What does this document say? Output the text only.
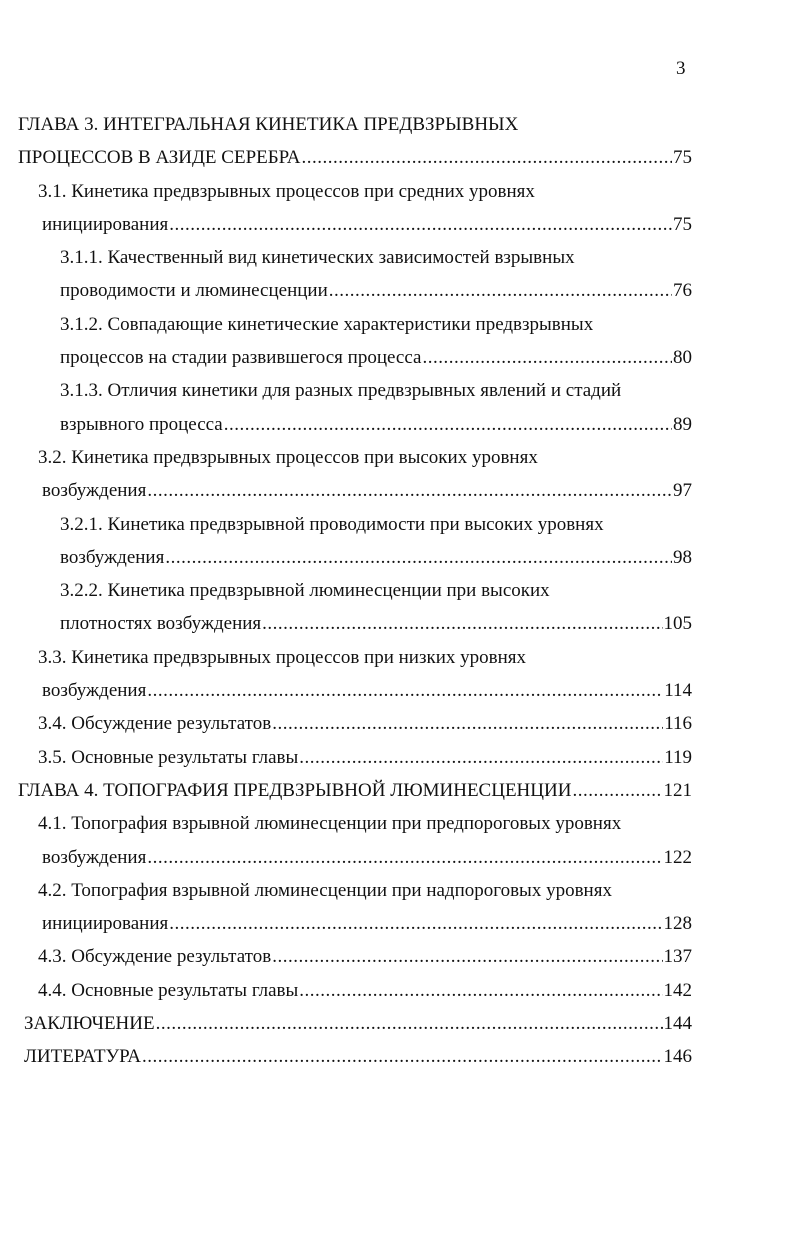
3
ГЛАВА 3. ИНТЕГРАЛЬНАЯ КИНЕТИКА ПРЕДВЗРЫВНЫХ
ПРОЦЕССОВ В АЗИДЕ СЕРЕБРА .....	75
3.1. Кинетика предвзрывных процессов при средних уровнях
инициирования .....	75
3.1.1. Качественный вид кинетических зависимостей взрывных
проводимости и люминесценции .....	76
3.1.2. Совпадающие кинетические характеристики предвзрывных
процессов на стадии развившегося процесса .....	80
3.1.3. Отличия кинетики для разных предвзрывных явлений и стадий
взрывного процесса .....	89
3.2. Кинетика предвзрывных процессов при высоких уровнях
возбуждения .....	97
3.2.1. Кинетика предвзрывной проводимости при высоких уровнях
возбуждения .....	98
3.2.2. Кинетика предвзрывной люминесценции при высоких
плотностях возбуждения .....	105
3.3. Кинетика предвзрывных процессов при низких уровнях
возбуждения .....	114
3.4. Обсуждение результатов .....	116
3.5. Основные результаты главы .....	119
ГЛАВА 4. ТОПОГРАФИЯ ПРЕДВЗРЫВНОЙ ЛЮМИНЕСЦЕНЦИИ .....	121
4.1. Топография взрывной люминесценции при предпороговых уровнях
возбуждения .....	122
4.2. Топография взрывной люминесценции при надпороговых уровнях
инициирования .....	128
4.3. Обсуждение результатов .....	137
4.4. Основные результаты главы .....	142
ЗАКЛЮЧЕНИЕ .....	144
ЛИТЕРАТУРА .....	146
